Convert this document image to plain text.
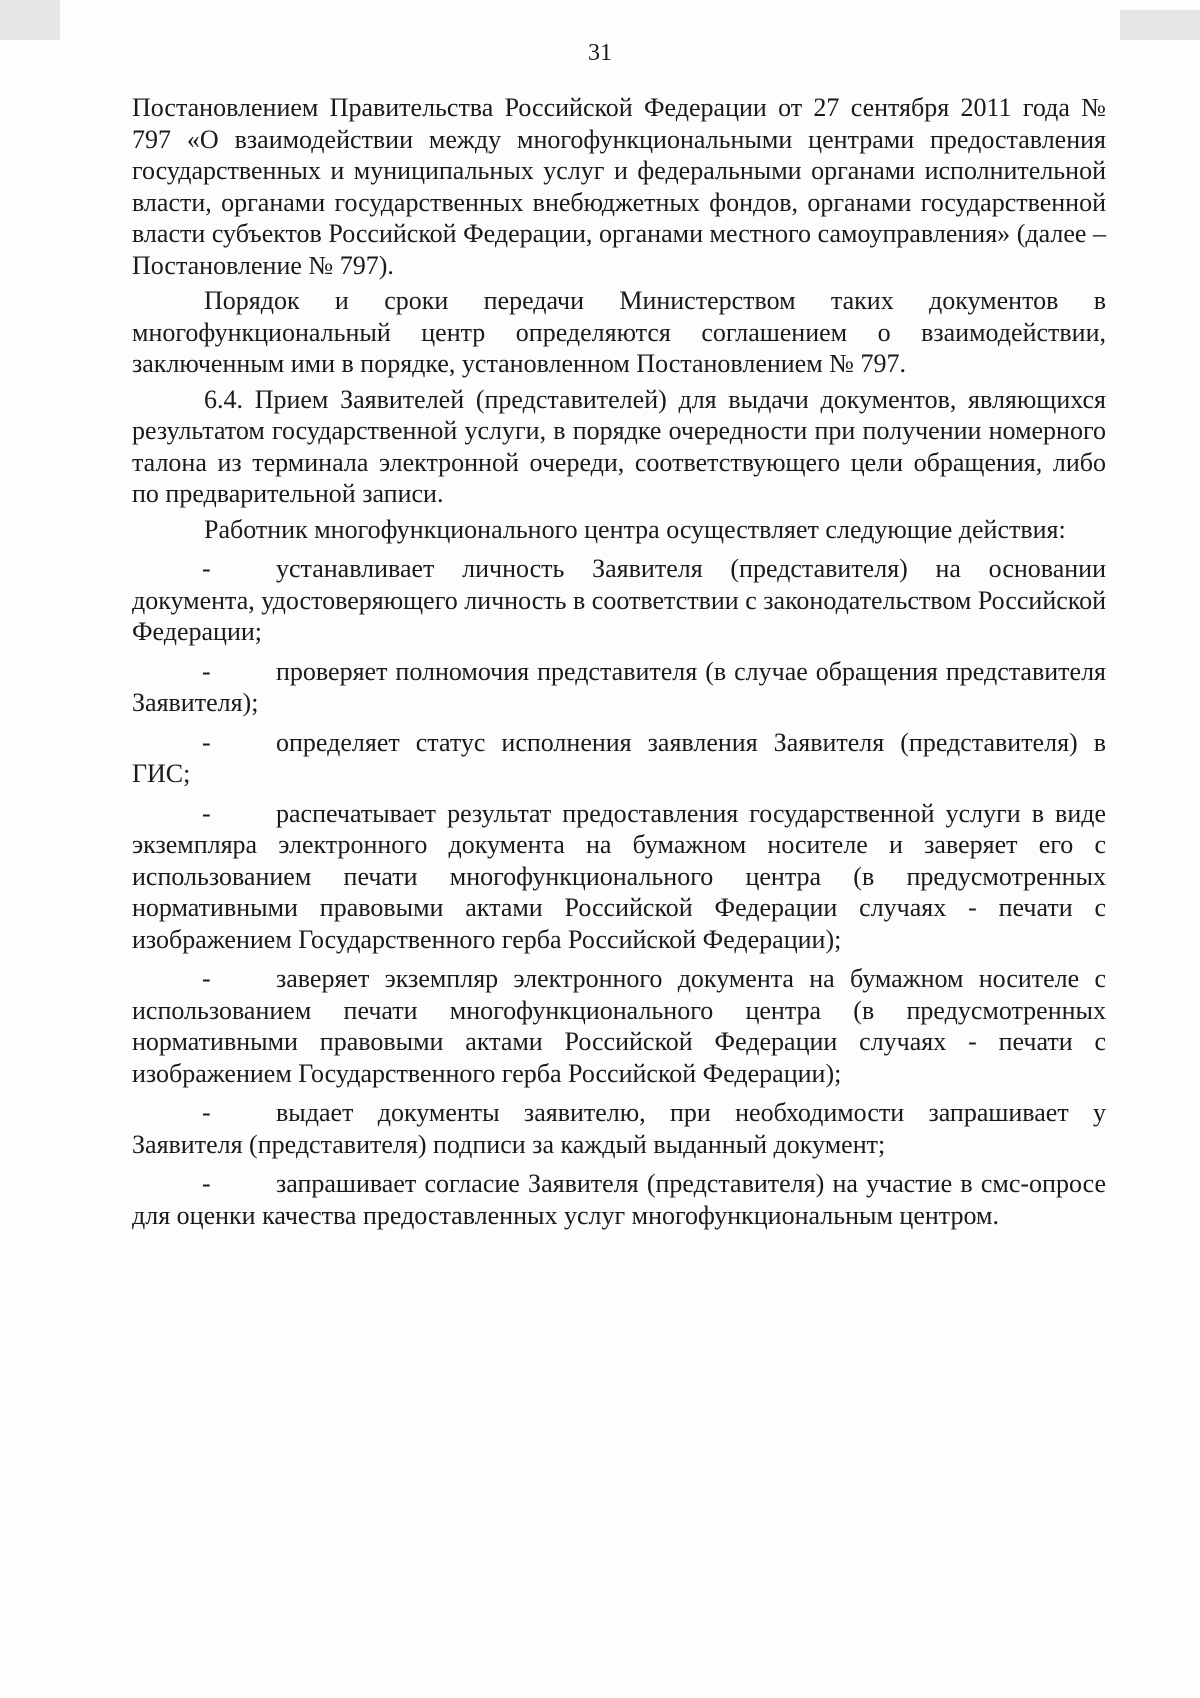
31

Постановлением Правительства Российской Федерации от 27 сентября 2011 года № 797 «О взаимодействии между многофункциональными центрами предоставления государственных и муниципальных услуг и федеральными органами исполнительной власти, органами государственных внебюджетных фондов, органами государственной власти субъектов Российской Федерации, органами местного самоуправления» (далее – Постановление № 797).

Порядок и сроки передачи Министерством таких документов в многофункциональный центр определяются соглашением о взаимодействии, заключенным ими в порядке, установленном Постановлением № 797.

6.4. Прием Заявителей (представителей) для выдачи документов, являющихся результатом государственной услуги, в порядке очередности при получении номерного талона из терминала электронной очереди, соответствующего цели обращения, либо по предварительной записи.

Работник многофункционального центра осуществляет следующие действия:

-	устанавливает личность Заявителя (представителя) на основании документа, удостоверяющего личность в соответствии с законодательством Российской Федерации;

-	проверяет полномочия представителя (в случае обращения представителя Заявителя);

-	определяет статус исполнения заявления Заявителя (представителя) в ГИС;

-	распечатывает результат предоставления государственной услуги в виде экземпляра электронного документа на бумажном носителе и заверяет его с использованием печати многофункционального центра (в предусмотренных нормативными правовыми актами Российской Федерации случаях - печати с изображением Государственного герба Российской Федерации);

-	заверяет экземпляр электронного документа на бумажном носителе с использованием печати многофункционального центра (в предусмотренных нормативными правовыми актами Российской Федерации случаях - печати с изображением Государственного герба Российской Федерации);

-	выдает документы заявителю, при необходимости запрашивает у Заявителя (представителя) подписи за каждый выданный документ;

-	запрашивает согласие Заявителя (представителя) на участие в смс-опросе для оценки качества предоставленных услуг многофункциональным центром.
